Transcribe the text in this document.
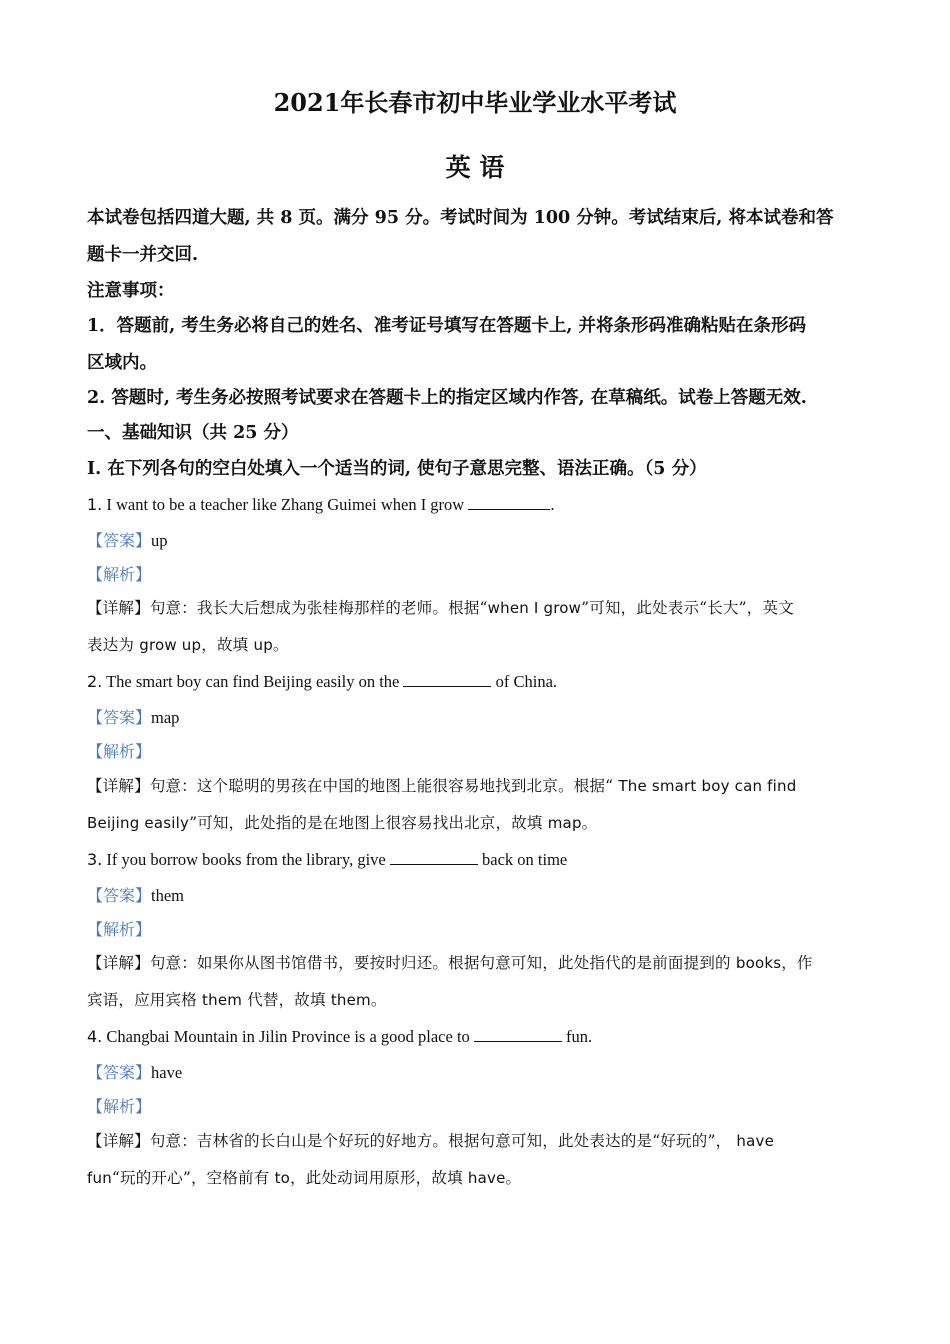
2021年长春市初中毕业学业水平考试
英 语
本试卷包括四道大题, 共 8 页。满分 95 分。考试时间为 100 分钟。考试结束后, 将本试卷和答
题卡一并交回.
注意事项：
1．答题前, 考生务必将自己的姓名、准考证号填写在答题卡上, 并将条形码准确粘贴在条形码
区域内。
2. 答题时, 考生务必按照考试要求在答题卡上的指定区域内作答, 在草稿纸。试卷上答题无效.
一、基础知识（共 25 分）
I. 在下列各句的空白处填入一个适当的词, 使句子意思完整、语法正确。（5 分）
1. I want to be a teacher like Zhang Guimei when I grow	.
【答案】up
【解析】
【详解】句意：我长大后想成为张桂梅那样的老师。根据“when I grow”可知，此处表示“长大”，英文
表达为 grow up，故填 up。
2. The smart boy can find Beijing easily on the	of China.
【答案】map
【解析】
【详解】句意：这个聪明的男孩在中国的地图上能很容易地找到北京。根据“ The smart boy can find
Beijing easily”可知，此处指的是在地图上很容易找出北京，故填 map。
3. If you borrow books from the library, give	back on time
【答案】them
【解析】
【详解】句意：如果你从图书馆借书，要按时归还。根据句意可知，此处指代的是前面提到的 books，作
宾语，应用宾格 them 代替，故填 them。
4. Changbai Mountain in Jilin Province is a good place to	fun.
【答案】have
【解析】
【详解】句意：吉林省的长白山是个好玩的好地方。根据句意可知，此处表达的是“好玩的”， have
fun“玩的开心”，空格前有 to，此处动词用原形，故填 have。
